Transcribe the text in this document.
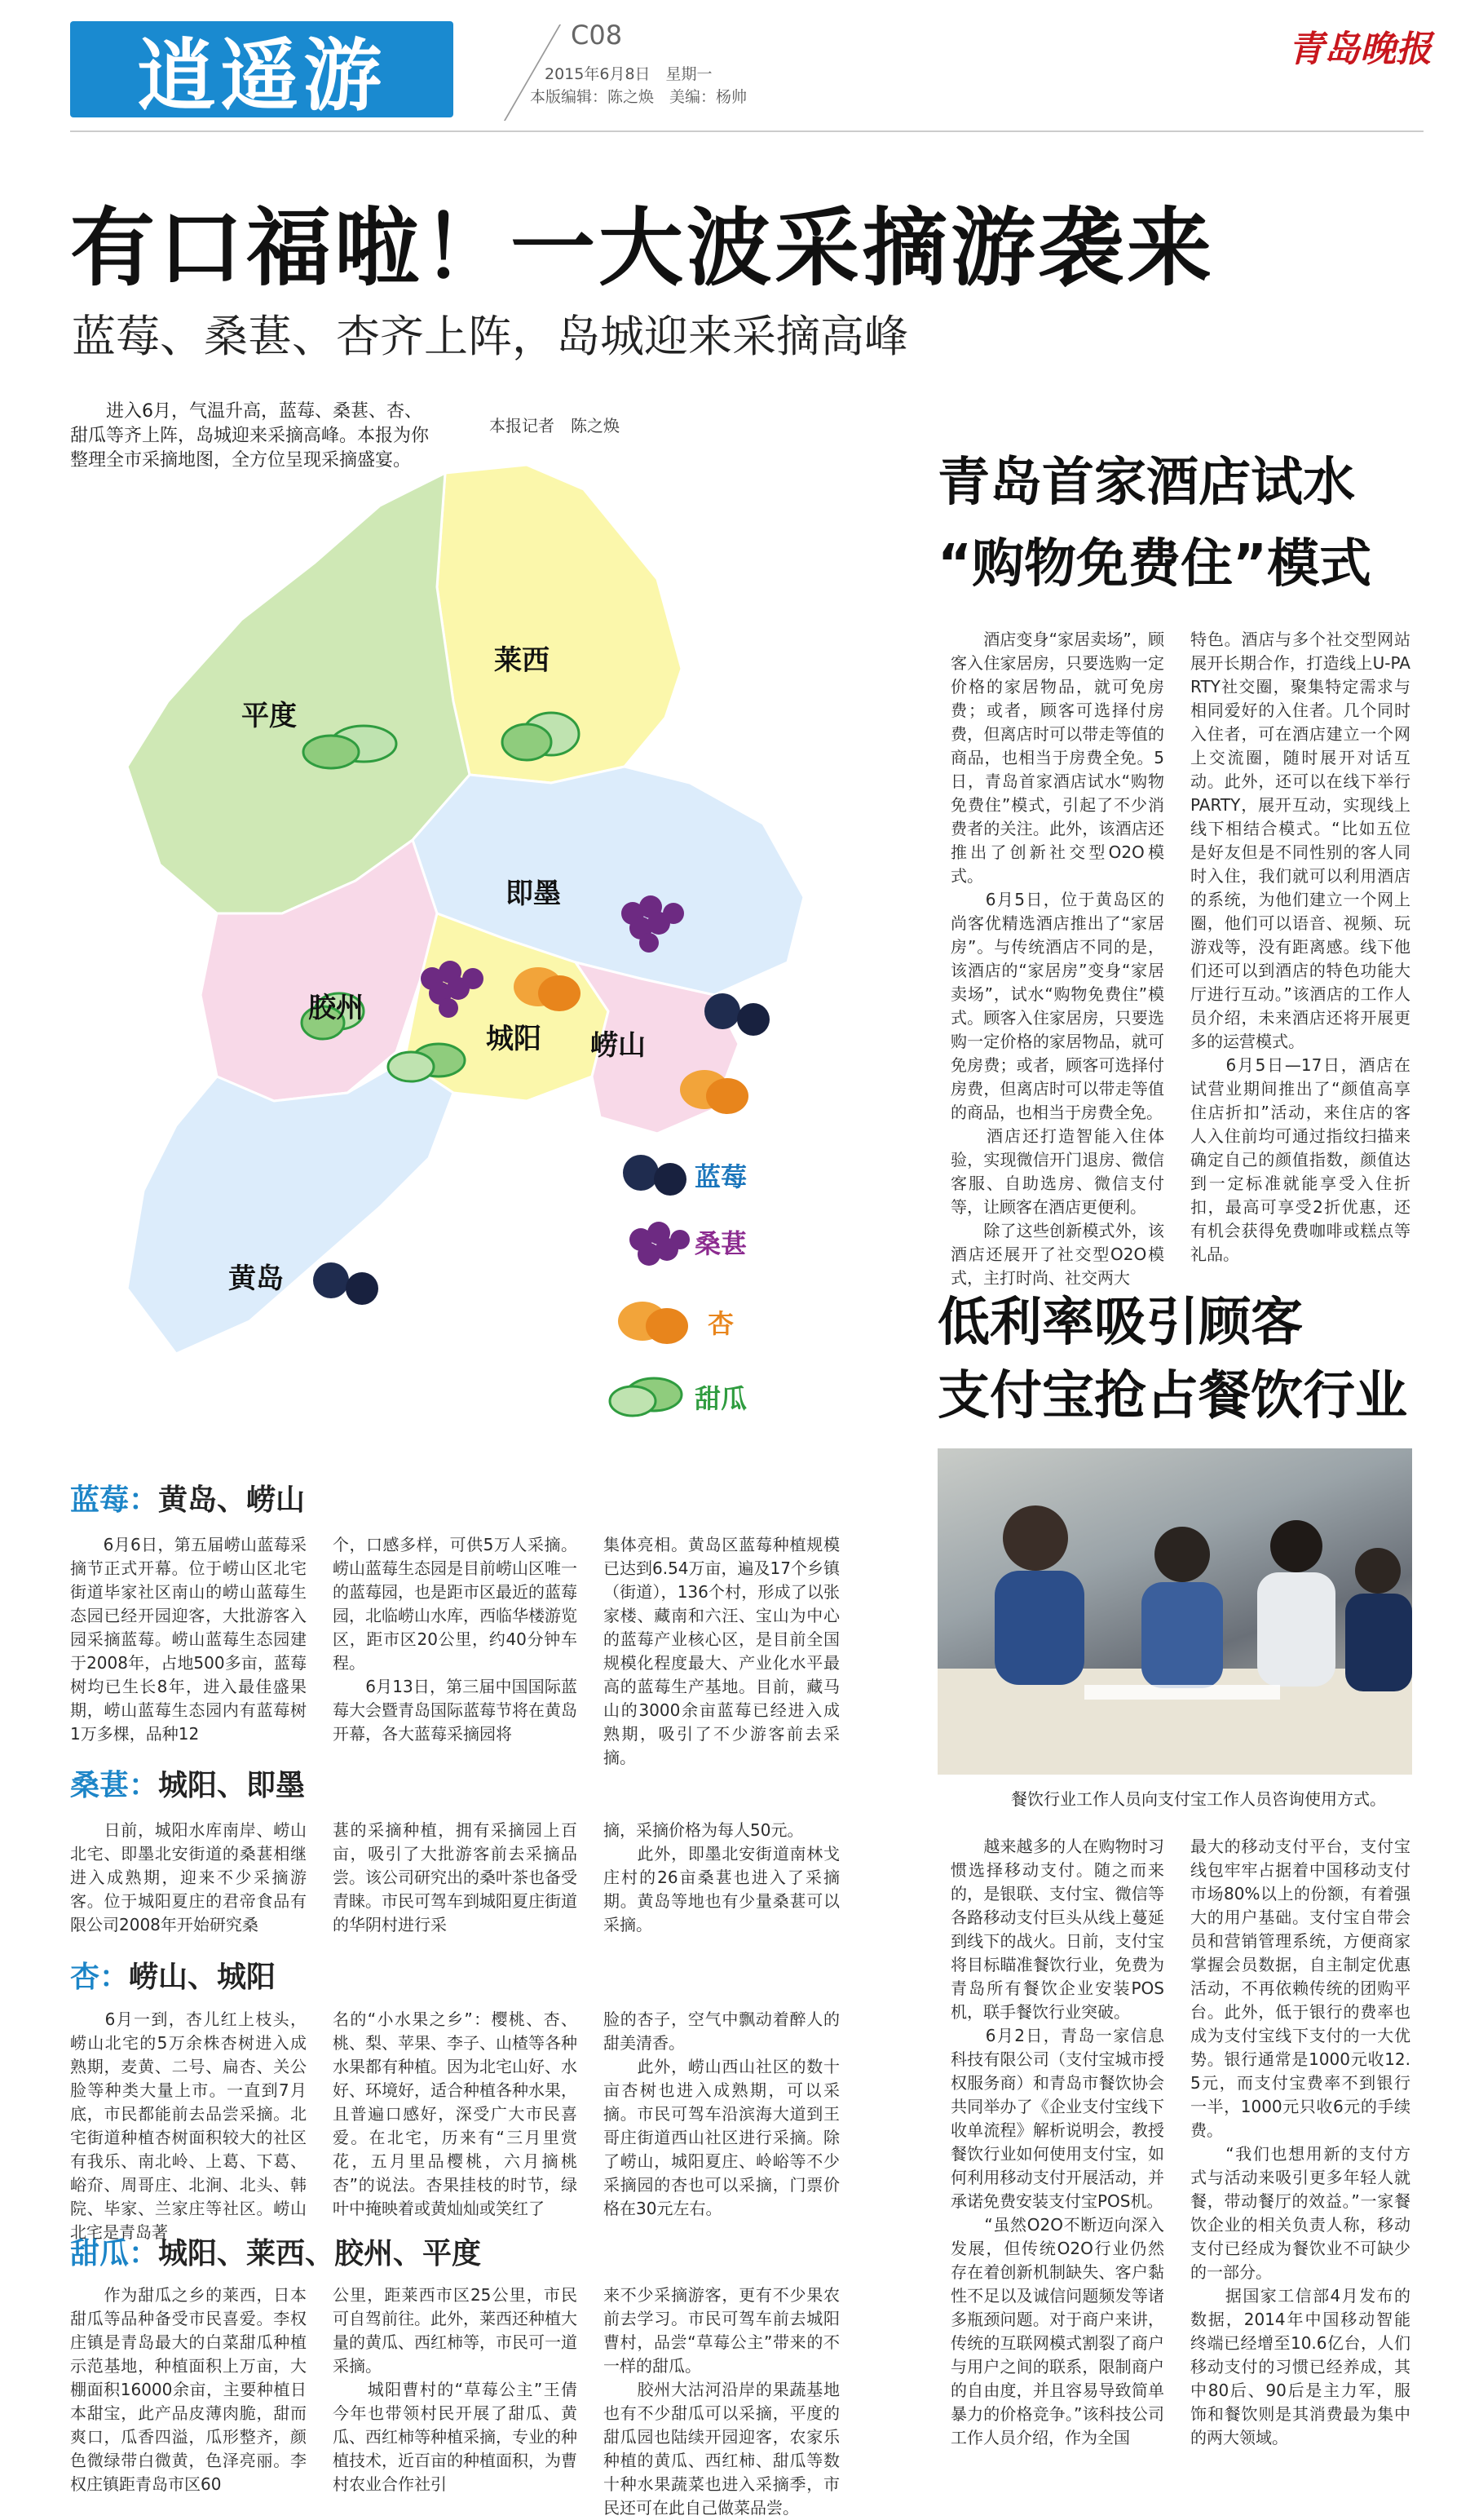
逍遥游	C08
2015年6月8日　星期一
本版编辑：陈之焕　美编：杨帅
青岛晚报
有口福啦！一大波采摘游袭来
蓝莓、桑葚、杏齐上阵，岛城迎来采摘高峰
进入6月，气温升高，蓝莓、桑葚、杏、甜瓜等齐上阵，岛城迎来采摘高峰。本报为你整理全市采摘地图，全方位呈现采摘盛宴。
本报记者　陈之焕
莱西
平度
即墨
胶州
城阳 崂山
黄岛
蓝莓
桑葚
杏
甜瓜
蓝莓： 黄岛、崂山
　　6月6日，第五届崂山蓝莓采摘节正式开幕。位于崂山区北宅街道毕家社区南山的崂山蓝莓生态园已经开园迎客，大批游客入园采摘蓝莓。崂山蓝莓生态园建于2008年，占地500多亩，蓝莓树均已生长8年，进入最佳盛果期，崂山蓝莓生态园内有蓝莓树1万多棵，品种12
个，口感多样，可供5万人采摘。崂山蓝莓生态园是目前崂山区唯一的蓝莓园，也是距市区最近的蓝莓园，北临崂山水库，西临华楼游览区，距市区20公里，约40分钟车程。
　　6月13日，第三届中国国际蓝莓大会暨青岛国际蓝莓节将在黄岛开幕，各大蓝莓采摘园将
集体亮相。黄岛区蓝莓种植规模已达到6.54万亩，遍及17个乡镇（街道），136个村，形成了以张家楼、藏南和六汪、宝山为中心的蓝莓产业核心区，是目前全国规模化程度最大、产业化水平最高的蓝莓生产基地。目前，藏马山的3000余亩蓝莓已经进入成熟期，吸引了不少游客前去采摘。
桑葚： 城阳、即墨
　　日前，城阳水库南岸、崂山北宅、即墨北安街道的桑葚相继进入成熟期，迎来不少采摘游客。位于城阳夏庄的君帝食品有限公司2008年开始研究桑
葚的采摘种植，拥有采摘园上百亩，吸引了大批游客前去采摘品尝。该公司研究出的桑叶茶也备受青睐。市民可驾车到城阳夏庄街道的华阴村进行采
摘，采摘价格为每人50元。
　　此外，即墨北安街道南林戈庄村的26亩桑葚也进入了采摘期。黄岛等地也有少量桑葚可以采摘。
杏： 崂山、城阳
　　6月一到，杏儿红上枝头，崂山北宅的5万余株杏树进入成熟期，麦黄、二号、扁杏、关公脸等种类大量上市。一直到7月底，市民都能前去品尝采摘。北宅街道种植杏树面积较大的社区有我乐、南北岭、上葛、下葛、峪夼、周哥庄、北涧、北头、韩院、毕家、兰家庄等社区。崂山北宅是青岛著
名的“小水果之乡”：樱桃、杏、桃、梨、苹果、李子、山楂等各种水果都有种植。因为北宅山好、水好、环境好，适合种植各种水果，且普遍口感好，深受广大市民喜爱。在北宅，历来有“三月里赏花，五月里品樱桃，六月摘桃杏”的说法。杏果挂枝的时节，绿叶中掩映着或黄灿灿或笑红了
脸的杏子，空气中飘动着醉人的甜美清香。
　　此外，崂山西山社区的数十亩杏树也进入成熟期，可以采摘。市民可驾车沿滨海大道到王哥庄街道西山社区进行采摘。除了崂山，城阳夏庄、岭峪等不少采摘园的杏也可以采摘，门票价格在30元左右。
甜瓜： 城阳、莱西、胶州、平度
　　作为甜瓜之乡的莱西，日本甜瓜等品种备受市民喜爱。李权庄镇是青岛最大的白菜甜瓜种植示范基地，种植面积上万亩，大棚面积16000余亩，主要种植日本甜宝，此产品皮薄肉脆，甜而爽口，瓜香四溢，瓜形整齐，颜色微绿带白微黄，色泽亮丽。李权庄镇距青岛市区60
公里，距莱西市区25公里，市民可自驾前往。此外，莱西还种植大量的黄瓜、西红柿等，市民可一道采摘。
　　城阳曹村的“草莓公主”王倩今年也带领村民开展了甜瓜、黄瓜、西红柿等种植采摘，专业的种植技术，近百亩的种植面积，为曹村农业合作社引
来不少采摘游客，更有不少果农前去学习。市民可驾车前去城阳曹村，品尝“草莓公主”带来的不一样的甜瓜。
　　胶州大沽河沿岸的果蔬基地也有不少甜瓜可以采摘，平度的甜瓜园也陆续开园迎客，农家乐种植的黄瓜、西红柿、甜瓜等数十种水果蔬菜也进入采摘季，市民还可在此自己做菜品尝。
青岛首家酒店试水
“购物免费住”模式
　　酒店变身“家居卖场”，顾客入住家居房，只要选购一定价格的家居物品，就可免房费；或者，顾客可选择付房费，但离店时可以带走等值的商品，也相当于房费全免。5日，青岛首家酒店试水“购物免费住”模式，引起了不少消费者的关注。此外，该酒店还推出了创新社交型O2O模式。
　　6月5日，位于黄岛区的尚客优精选酒店推出了“家居房”。与传统酒店不同的是，该酒店的“家居房”变身“家居卖场”，试水“购物免费住”模式。顾客入住家居房，只要选购一定价格的家居物品，就可免房费；或者，顾客可选择付房费，但离店时可以带走等值的商品，也相当于房费全免。
　　酒店还打造智能入住体验，实现微信开门退房、微信客服、自助选房、微信支付等，让顾客在酒店更便利。
　　除了这些创新模式外，该酒店还展开了社交型O2O模式，主打时尚、社交两大
特色。酒店与多个社交型网站展开长期合作，打造线上U-PARTY社交圈，聚集特定需求与相同爱好的入住者。几个同时入住者，可在酒店建立一个网上交流圈，随时展开对话互动。此外，还可以在线下举行PARTY，展开互动，实现线上线下相结合模式。“比如五位是好友但是不同性别的客人同时入住，我们就可以利用酒店的系统，为他们建立一个网上圈，他们可以语音、视频、玩游戏等，没有距离感。线下他们还可以到酒店的特色功能大厅进行互动。”该酒店的工作人员介绍，未来酒店还将开展更多的运营模式。
　　6月5日—17日，酒店在试营业期间推出了“颜值高享住店折扣”活动，来住店的客人入住前均可通过指纹扫描来确定自己的颜值指数，颜值达到一定标准就能享受入住折扣，最高可享受2折优惠，还有机会获得免费咖啡或糕点等礼品。
低利率吸引顾客
支付宝抢占餐饮行业
餐饮行业工作人员向支付宝工作人员咨询使用方式。
　　越来越多的人在购物时习惯选择移动支付。随之而来的，是银联、支付宝、微信等各路移动支付巨头从线上蔓延到线下的战火。日前，支付宝将目标瞄准餐饮行业，免费为青岛所有餐饮企业安装POS机，联手餐饮行业突破。
　　6月2日，青岛一家信息科技有限公司（支付宝城市授权服务商）和青岛市餐饮协会共同举办了《企业支付宝线下收单流程》解析说明会，教授餐饮行业如何使用支付宝，如何利用移动支付开展活动，并承诺免费安装支付宝POS机。
　　“虽然O2O不断迈向深入发展，但传统O2O行业仍然存在着创新机制缺失、客户黏性不足以及诚信问题频发等诸多瓶颈问题。对于商户来讲，传统的互联网模式割裂了商户与用户之间的联系，限制商户的自由度，并且容易导致简单暴力的价格竞争。”该科技公司工作人员介绍，作为全国
最大的移动支付平台，支付宝线包牢牢占据着中国移动支付市场80%以上的份额，有着强大的用户基础。支付宝自带会员和营销管理系统，方便商家掌握会员数据，自主制定优惠活动，不再依赖传统的团购平台。此外，低于银行的费率也成为支付宝线下支付的一大优势。银行通常是1000元收12.5元，而支付宝费率不到银行一半，1000元只收6元的手续费。
　　“我们也想用新的支付方式与活动来吸引更多年轻人就餐，带动餐厅的效益。”一家餐饮企业的相关负责人称，移动支付已经成为餐饮业不可缺少的一部分。
　　据国家工信部4月发布的数据，2014年中国移动智能终端已经增至10.6亿台，人们移动支付的习惯已经养成，其中80后、90后是主力军，服饰和餐饮则是其消费最为集中的两大领域。
